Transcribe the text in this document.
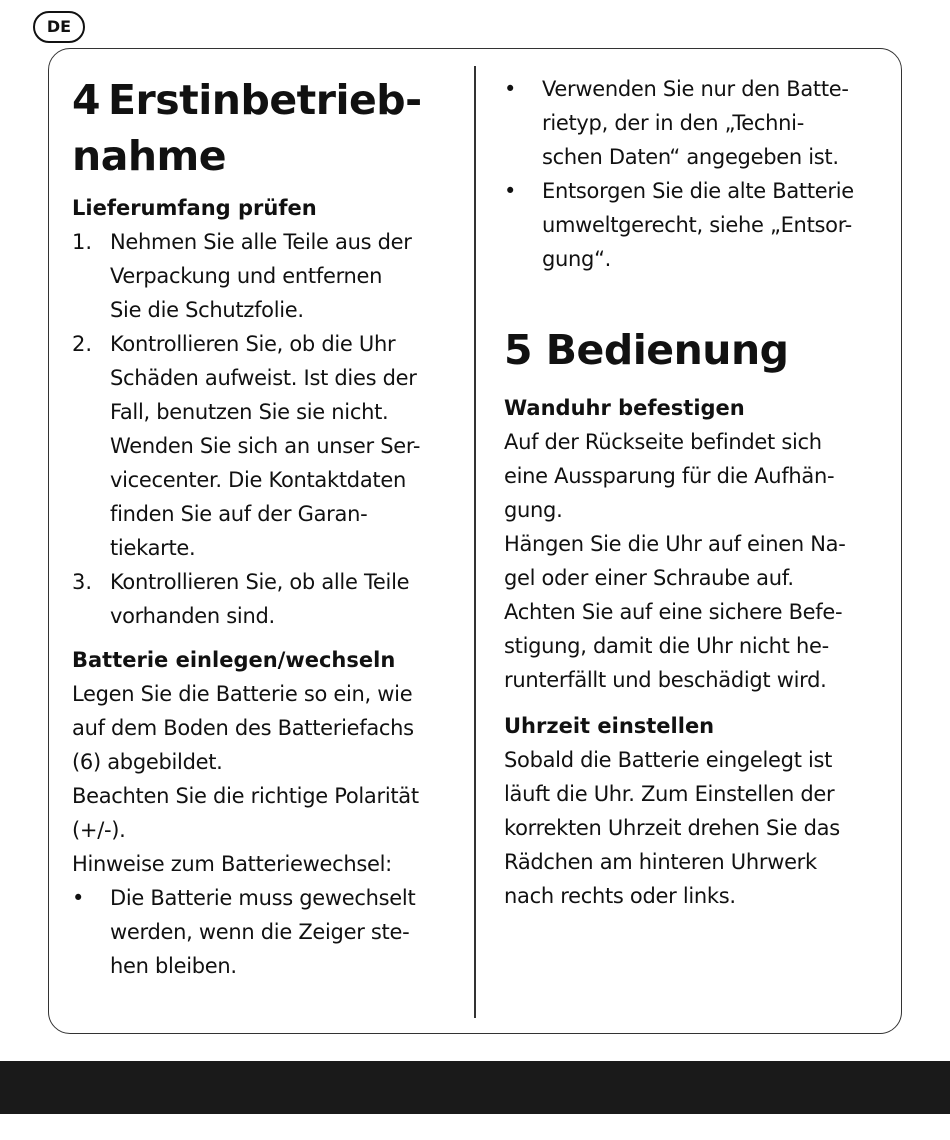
DE
4 Erstinbetrieb-
nahme
Lieferumfang prüfen
1. Nehmen Sie alle Teile aus der
Verpackung und entfernen
Sie die Schutzfolie.
2. Kontrollieren Sie, ob die Uhr
Schäden aufweist. Ist dies der
Fall, benutzen Sie sie nicht.
Wenden Sie sich an unser Ser-
vicecenter. Die Kontaktdaten
finden Sie auf der Garan-
tiekarte.
3. Kontrollieren Sie, ob alle Teile
vorhanden sind.
Batterie einlegen/wechseln
Legen Sie die Batterie so ein, wie
auf dem Boden des Batteriefachs
(6) abgebildet.
Beachten Sie die richtige Polarität
(+/-).
Hinweise zum Batteriewechsel:
•	Die Batterie muss gewechselt
werden, wenn die Zeiger ste-
hen bleiben.
•	Verwenden Sie nur den Batte-
rietyp, der in den „Techni-
schen Daten“ angegeben ist.
•	Entsorgen Sie die alte Batterie
umweltgerecht, siehe „Entsor-
gung“.
5 Bedienung
Wanduhr befestigen
Auf der Rückseite befindet sich
eine Aussparung für die Aufhän-
gung.
Hängen Sie die Uhr auf einen Na-
gel oder einer Schraube auf.
Achten Sie auf eine sichere Befe-
stigung, damit die Uhr nicht he-
runterfällt und beschädigt wird.
Uhrzeit einstellen
Sobald die Batterie eingelegt ist
läuft die Uhr. Zum Einstellen der
korrekten Uhrzeit drehen Sie das
Rädchen am hinteren Uhrwerk
nach rechts oder links.
